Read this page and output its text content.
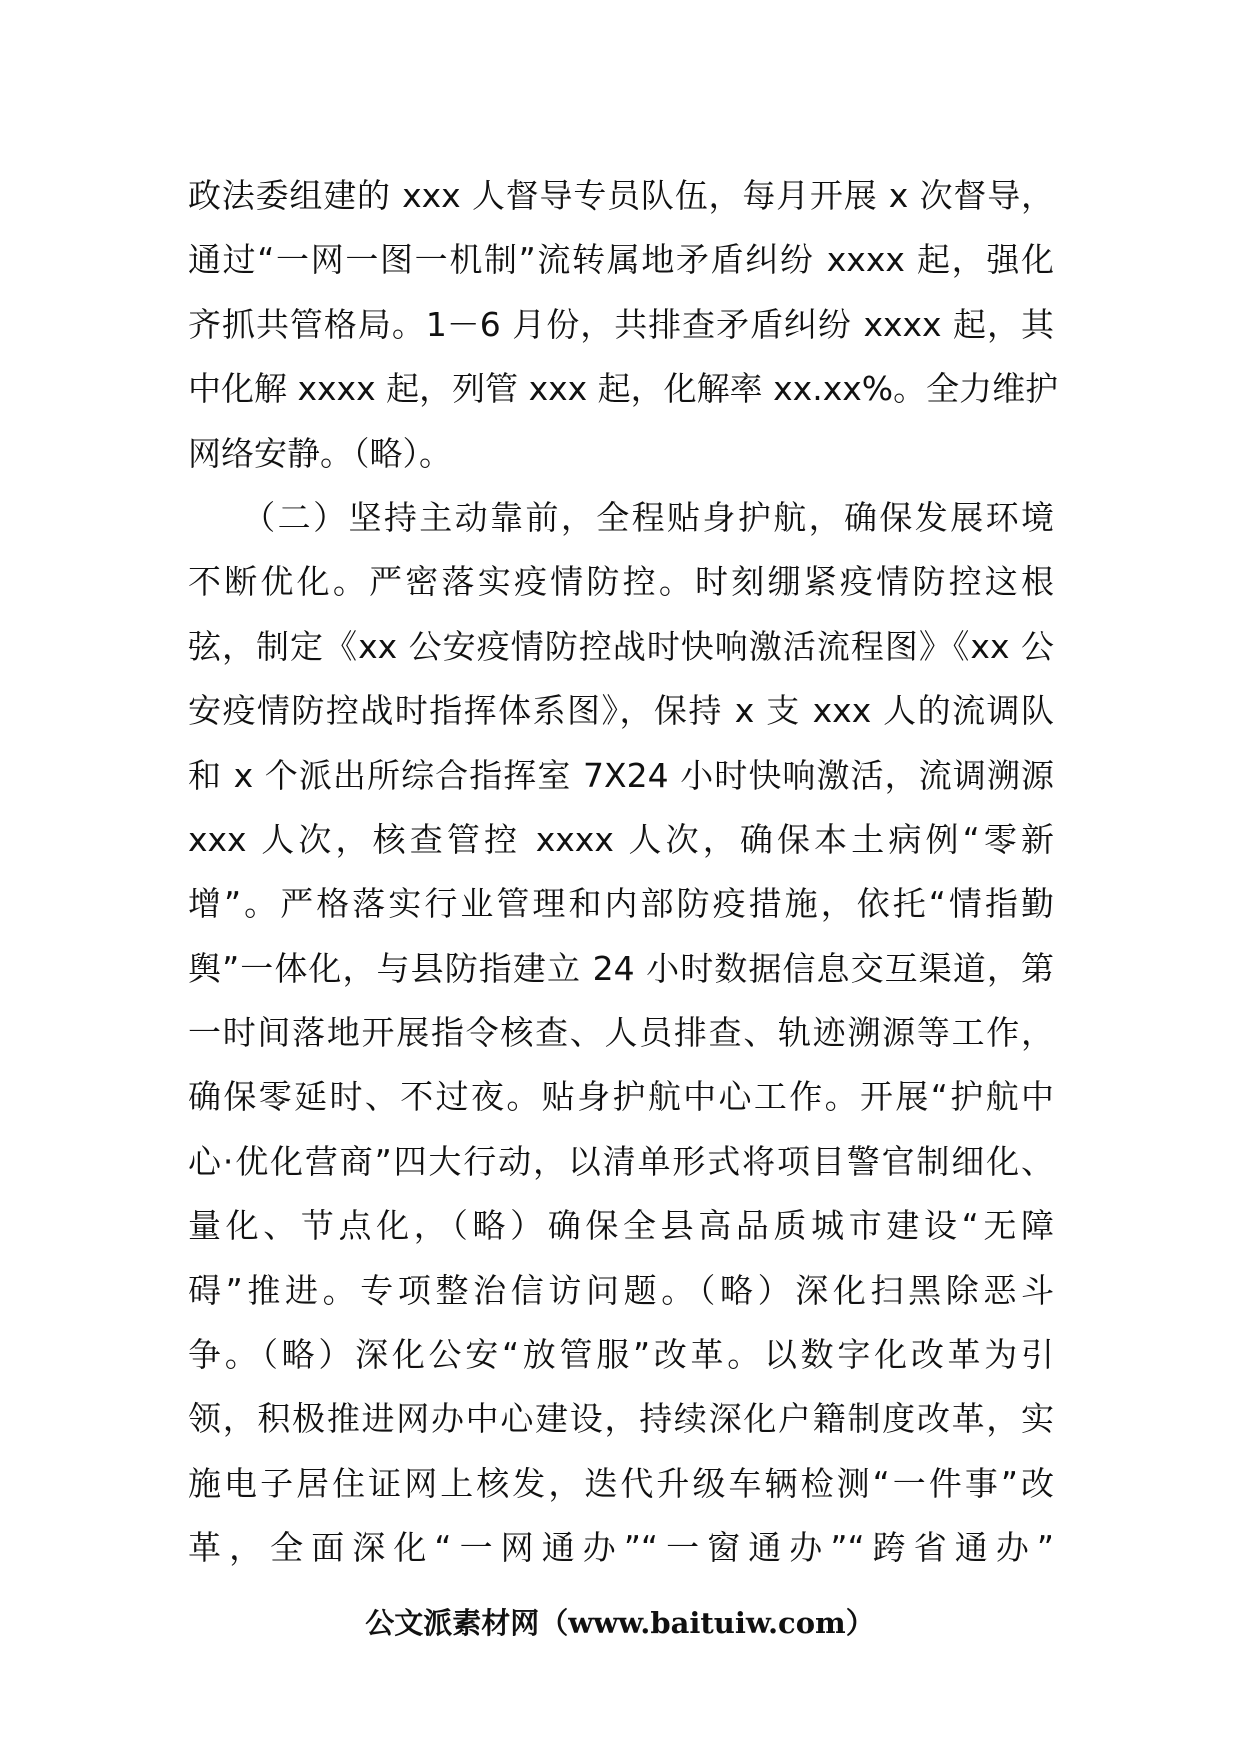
政法委组建的 xxx 人督导专员队伍，每月开展 x 次督导，
通过“一网一图一机制”流转属地矛盾纠纷 xxxx 起，强化
齐抓共管格局。1－6 月份，共排查矛盾纠纷 xxxx 起，其
中化解 xxxx 起，列管 xxx 起，化解率 xx.xx%。全力维护
网络安静。（略）。
　　（二）坚持主动靠前，全程贴身护航，确保发展环境
不断优化。严密落实疫情防控。时刻绷紧疫情防控这根
弦，制定《xx 公安疫情防控战时快响激活流程图》《xx 公
安疫情防控战时指挥体系图》，保持 x 支 xxx 人的流调队
和 x 个派出所综合指挥室 7X24 小时快响激活，流调溯源
xxx 人次，核查管控 xxxx 人次，确保本土病例“零新
增”。严格落实行业管理和内部防疫措施，依托“情指勤
舆”一体化，与县防指建立 24 小时数据信息交互渠道，第
一时间落地开展指令核查、人员排查、轨迹溯源等工作，
确保零延时、不过夜。贴身护航中心工作。开展“护航中
心·优化营商”四大行动，以清单形式将项目警官制细化、
量化、节点化，（略）确保全县高品质城市建设“无障
碍”推进。专项整治信访问题。（略）深化扫黑除恶斗
争。（略）深化公安“放管服”改革。以数字化改革为引
领，积极推进网办中心建设，持续深化户籍制度改革，实
施电子居住证网上核发，迭代升级车辆检测“一件事”改
革，全面深化“一网通办”“一窗通办”“跨省通办”
公文派素材网（www.baituiw.com）
